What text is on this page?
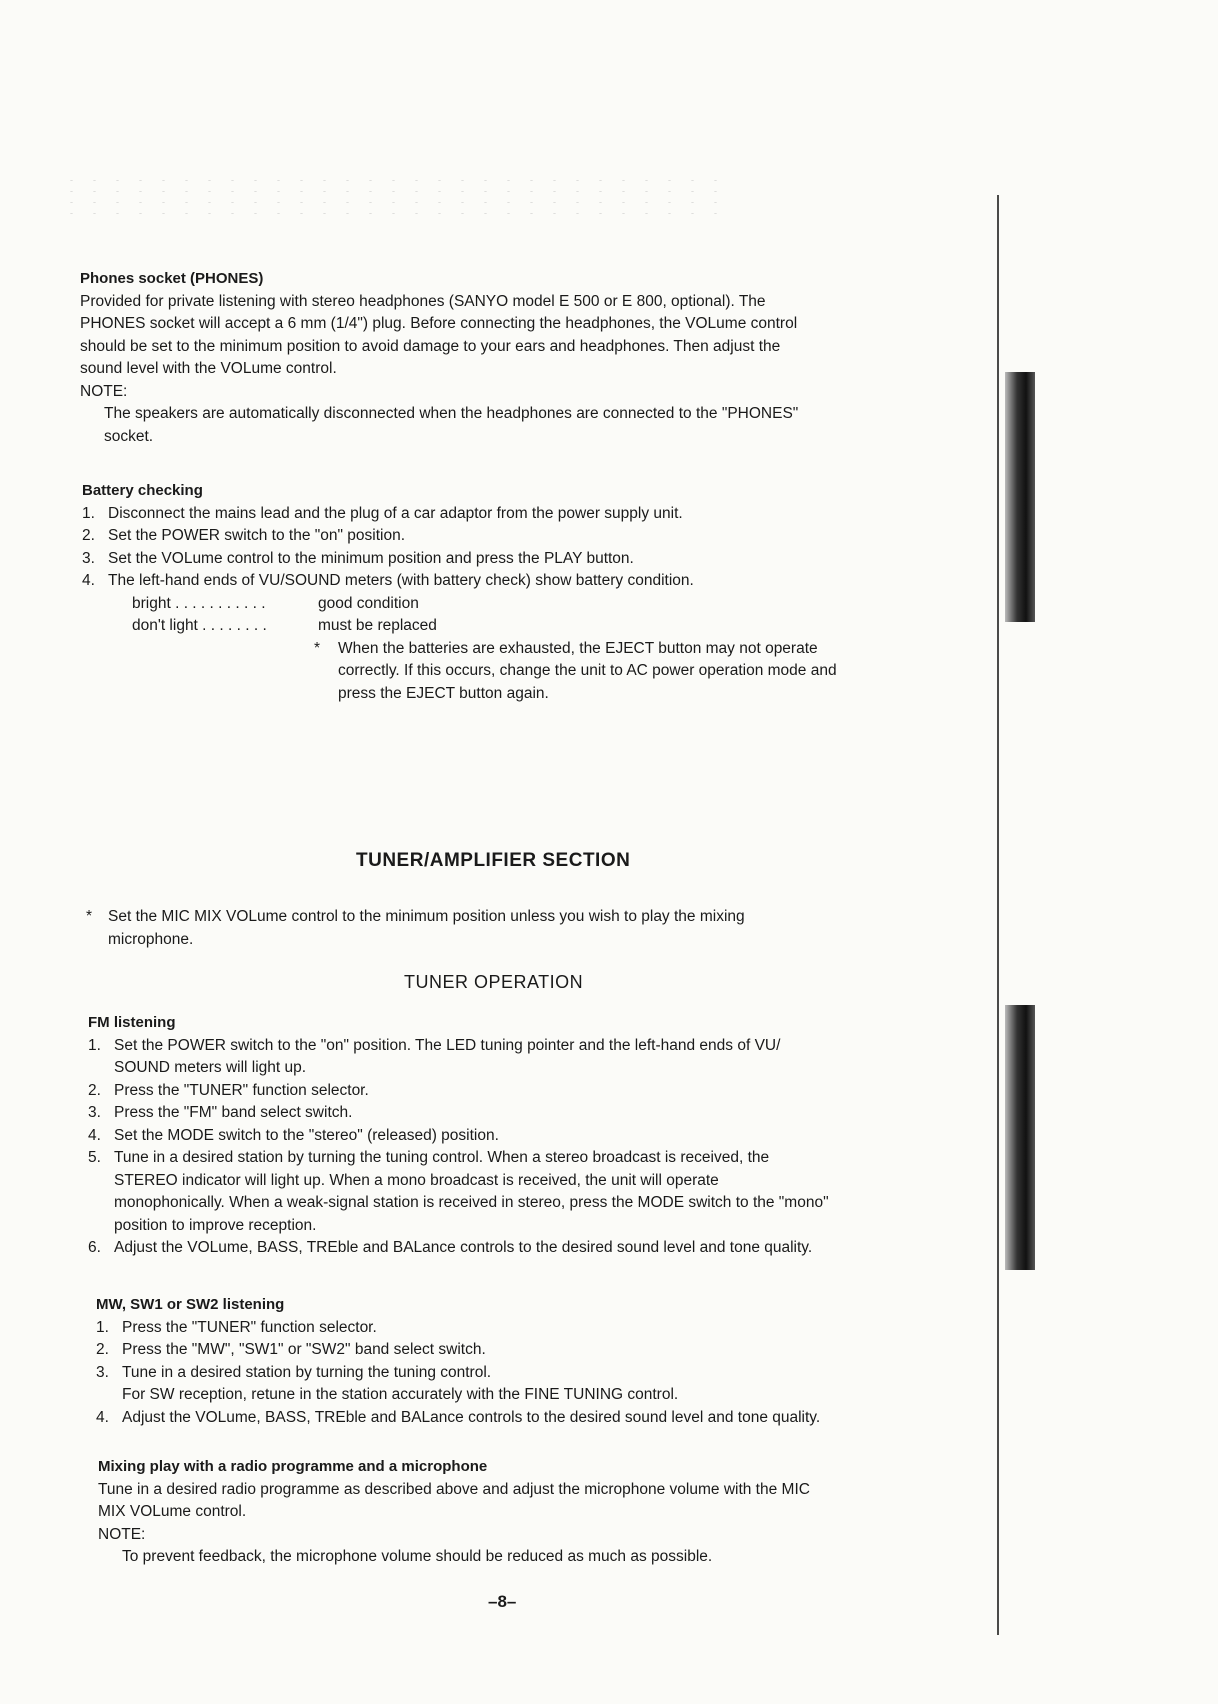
Phones socket (PHONES)

Provided for private listening with stereo headphones (SANYO model E 500 or E 800, optional). The

PHONES socket will accept a 6 mm (1/4") plug. Before connecting the headphones, the VOLume control

should be set to the minimum position to avoid damage to your ears and headphones. Then adjust the

sound level with the VOLume control.

NOTE:

The speakers are automatically disconnected when the headphones are connected to the "PHONES"

socket.

Battery checking

1. Disconnect the mains lead and the plug of a car adaptor from the power supply unit.
2. Set the POWER switch to the "on" position.
3. Set the VOLume control to the minimum position and press the PLAY button.
4. The left-hand ends of VU/SOUND meters (with battery check) show battery condition.
bright . . . . . . . . . . .	good condition
don't light . . . . . . . .	must be replaced
* When the batteries are exhausted, the EJECT button may not operate

correctly. If this occurs, change the unit to AC power operation mode and

press the EJECT button again.

TUNER/AMPLIFIER SECTION
* Set the MIC MIX VOLume control to the minimum position unless you wish to play the mixing

microphone.

TUNER OPERATION

FM listening

1. Set the POWER switch to the "on" position. The LED tuning pointer and the left-hand ends of VU/
SOUND meters will light up.
2. Press the "TUNER" function selector.
3. Press the "FM" band select switch.
4. Set the MODE switch to the "stereo" (released) position.
5. Tune in a desired station by turning the tuning control. When a stereo broadcast is received, the
STEREO indicator will light up. When a mono broadcast is received, the unit will operate
monophonically. When a weak-signal station is received in stereo, press the MODE switch to the "mono"
position to improve reception.
6. Adjust the VOLume, BASS, TREble and BALance controls to the desired sound level and tone quality.

MW, SW1 or SW2 listening

1. Press the "TUNER" function selector.
2. Press the "MW", "SW1" or "SW2" band select switch.
3. Tune in a desired station by turning the tuning control.
For SW reception, retune in the station accurately with the FINE TUNING control.
4. Adjust the VOLume, BASS, TREble and BALance controls to the desired sound level and tone quality.

Mixing play with a radio programme and a microphone

Tune in a desired radio programme as described above and adjust the microphone volume with the MIC

MIX VOLume control.

NOTE:

To prevent feedback, the microphone volume should be reduced as much as possible.

–8–
